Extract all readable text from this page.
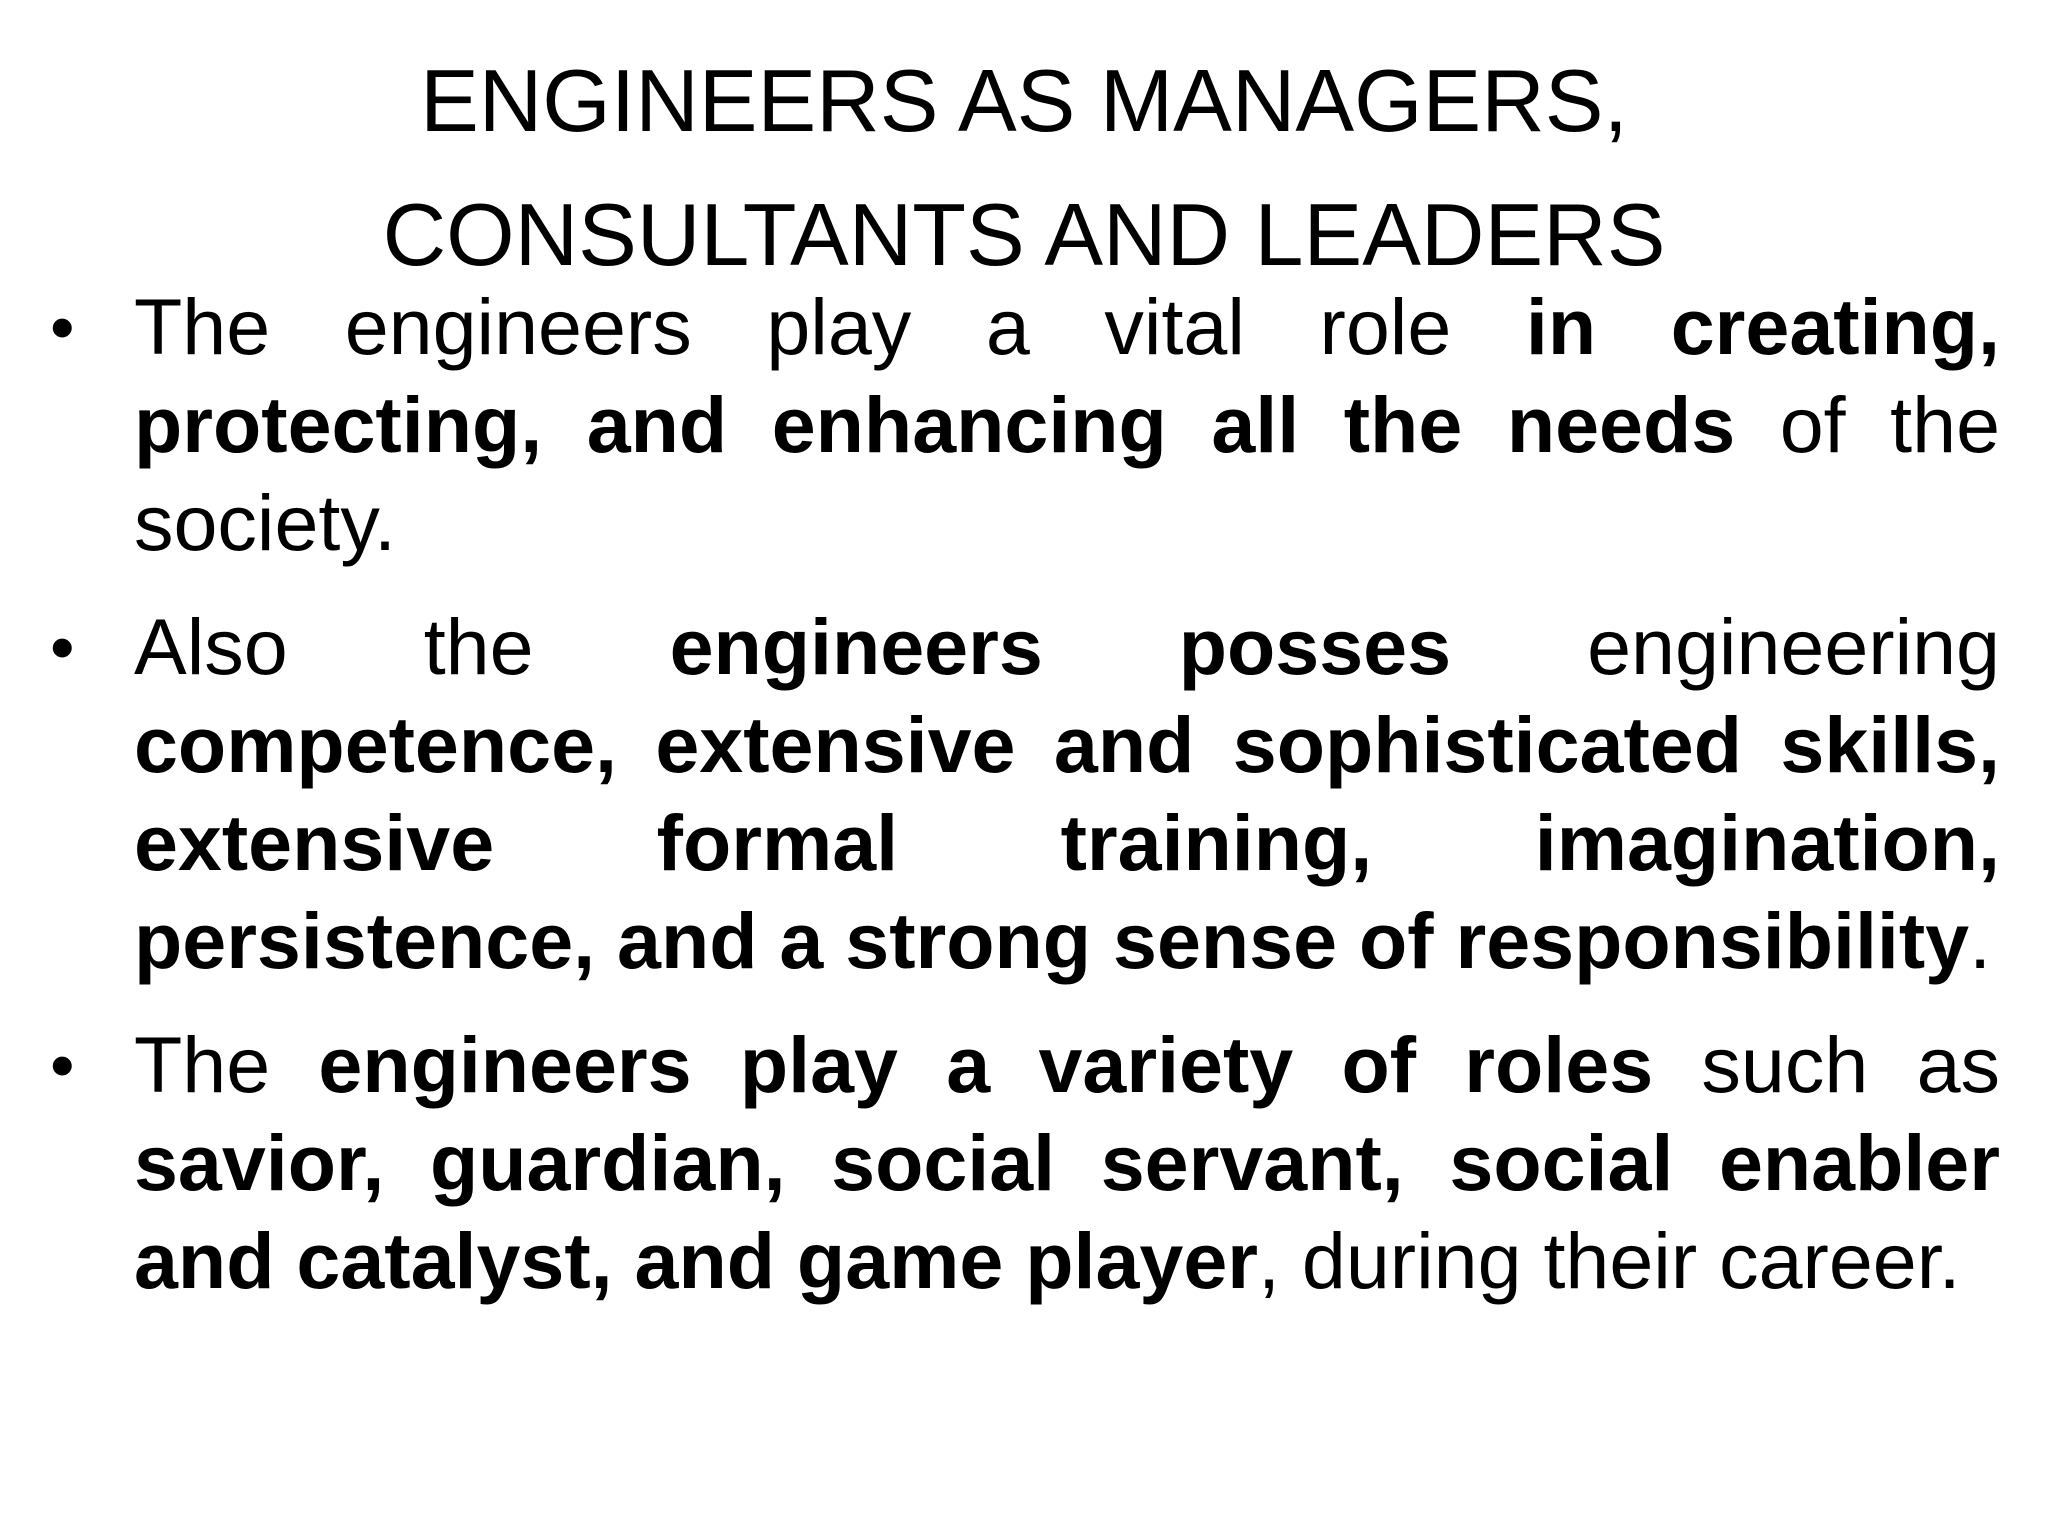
ENGINEERS AS MANAGERS,
CONSULTANTS AND LEADERS
• The engineers play a vital role in creating, protecting, and enhancing all the needs of the society.
• Also the engineers posses engineering competence, extensive and sophisticated skills, extensive formal training, imagination, persistence, and a strong sense of responsibility.
• The engineers play a variety of roles such as savior, guardian, social servant, social enabler and catalyst, and game player, during their career.
